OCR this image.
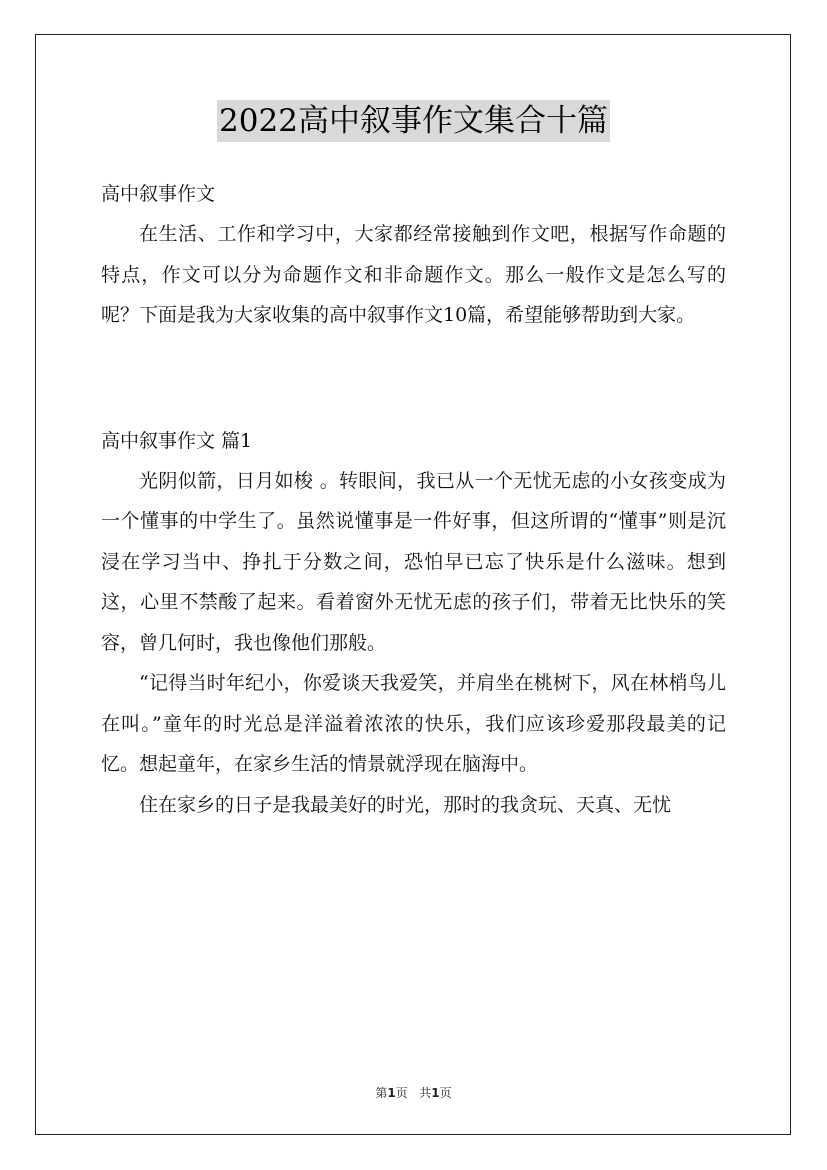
2022高中叙事作文集合十篇

高中叙事作文

在生活、工作和学习中，大家都经常接触到作文吧，根据写作命题的特点，作文可以分为命题作文和非命题作文。那么一般作文是怎么写的呢？下面是我为大家收集的高中叙事作文10篇，希望能够帮助到大家。

高中叙事作文 篇1

光阴似箭，日月如梭 。转眼间，我已从一个无忧无虑的小女孩变成为一个懂事的中学生了。虽然说懂事是一件好事，但这所谓的“懂事”则是沉浸在学习当中、挣扎于分数之间，恐怕早已忘了快乐是什么滋味。想到这，心里不禁酸了起来。看着窗外无忧无虑的孩子们，带着无比快乐的笑容，曾几何时，我也像他们那般。

“记得当时年纪小，你爱谈天我爱笑，并肩坐在桃树下，风在林梢鸟儿在叫。”童年的时光总是洋溢着浓浓的快乐，我们应该珍爱那段最美的记忆。想起童年，在家乡生活的情景就浮现在脑海中。

住在家乡的日子是我最美好的时光，那时的我贪玩、天真、无忧

第1页 共1页
